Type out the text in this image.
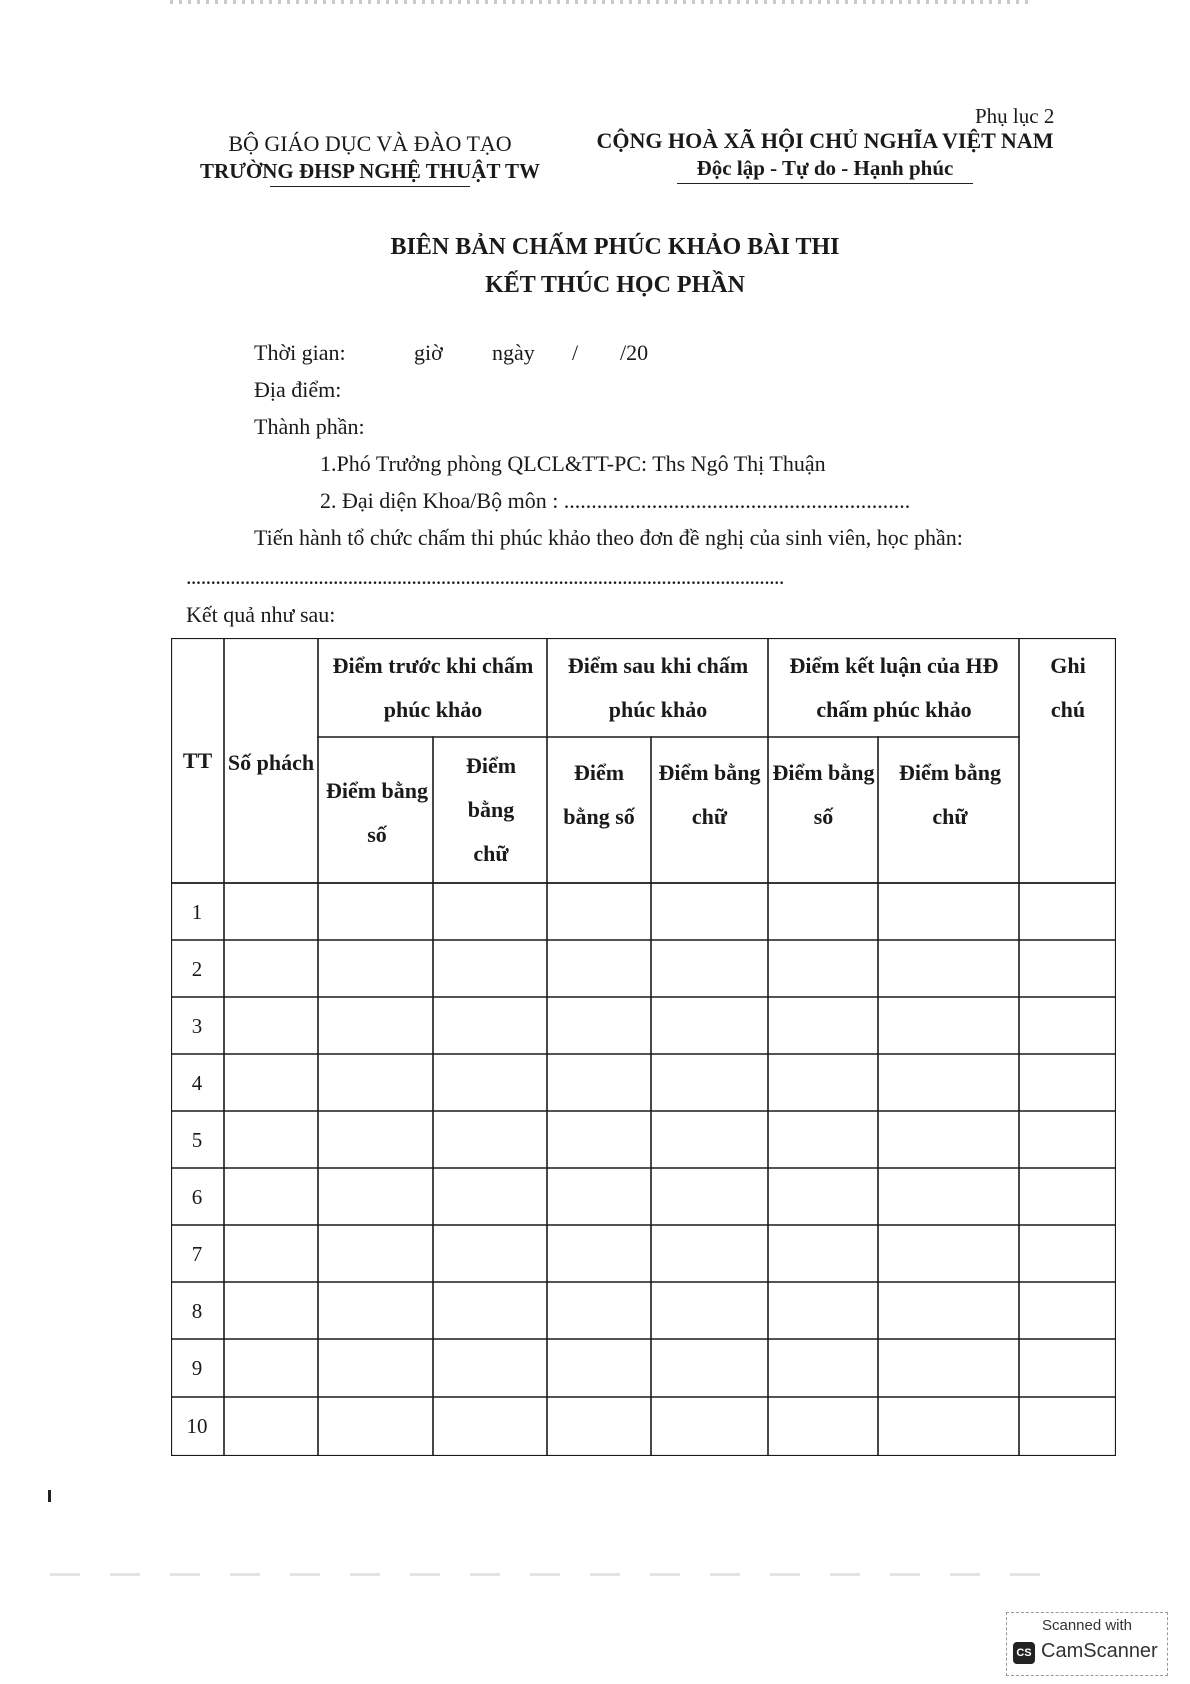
Phụ lục 2
BỘ GIÁO DỤC VÀ ĐÀO TẠO
TRƯỜNG ĐHSP NGHỆ THUẬT TW
CỘNG HOÀ XÃ HỘI CHỦ NGHĨA VIỆT NAM
Độc lập - Tự do - Hạnh phúc
BIÊN BẢN CHẤM PHÚC KHẢO BÀI THI
KẾT THÚC HỌC PHẦN
Thời gian:	giờ ngày / /20
Địa điểm:
Thành phần:
1.Phó Trưởng phòng QLCL&TT-PC: Ths Ngô Thị Thuận
2. Đại diện Khoa/Bộ môn : ...............................................................
Tiến hành tổ chức chấm thi phúc khảo theo đơn đề nghị của sinh viên, học phần:
..........................................................................................................................
Kết quả như sau:
TT Số phách
Điểm trước khi chấm phúc khảo
Điểm sau khi chấm phúc khảo
Điểm kết luận của HĐ chấm phúc khảo
Ghi chú
Điểm bằng số
Điểm bằng chữ
Điểm bằng số
Điểm bằng chữ
Điểm bằng số
Điểm bằng chữ
1
2
3
4
5
6
7
8
9
10
Scanned with
CS CamScanner
